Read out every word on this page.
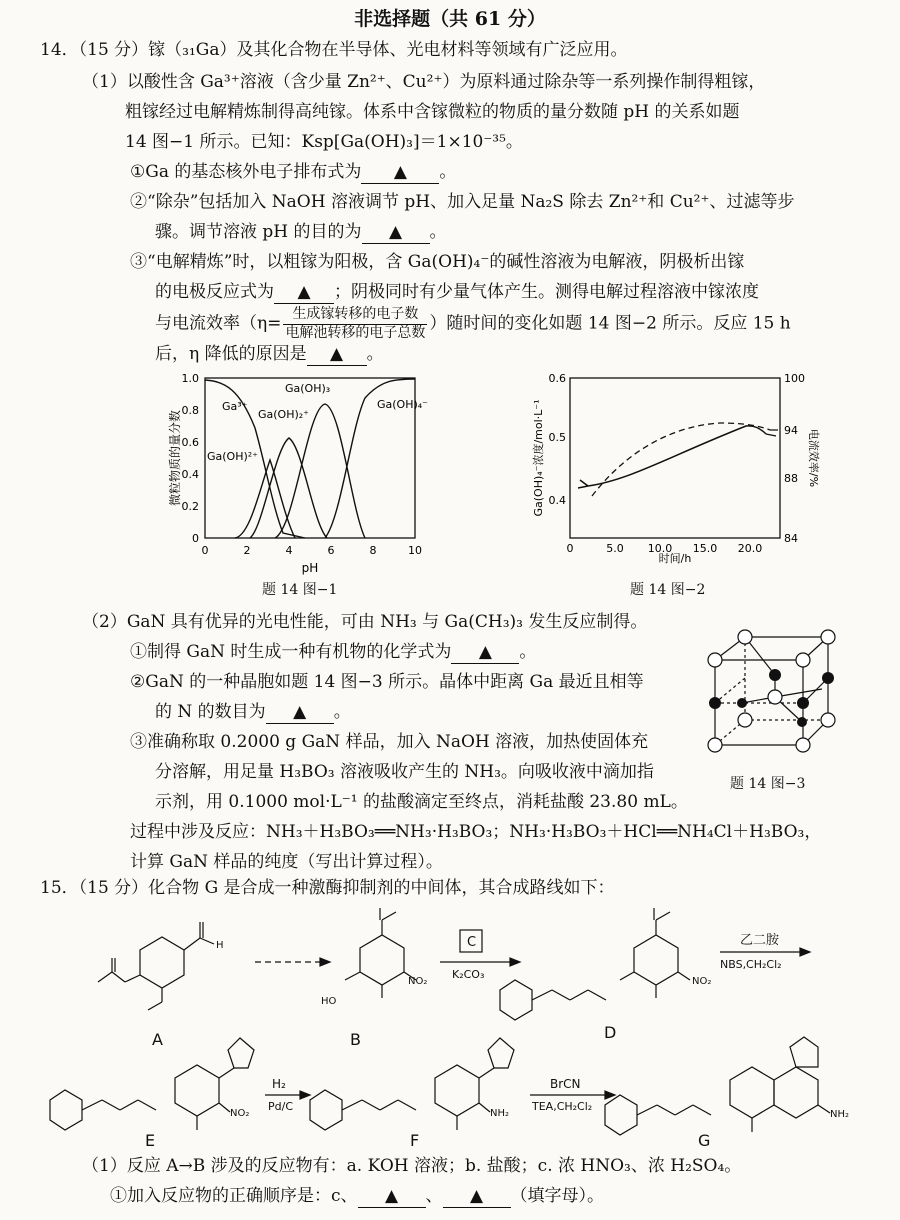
非选择题（共 61 分）
14．（15 分）镓（₃₁Ga）及其化合物在半导体、光电材料等领域有广泛应用。
（1）以酸性含 Ga³⁺溶液（含少量 Zn²⁺、Cu²⁺）为原料通过除杂等一系列操作制得粗镓，
粗镓经过电解精炼制得高纯镓。体系中含镓微粒的物质的量分数随 pH 的关系如题
14 图−1 所示。已知：Ksp[Ga(OH)₃]＝1×10⁻³⁵。
①Ga 的基态核外电子排布式为 ▲ 。
②“除杂”包括加入 NaOH 溶液调节 pH、加入足量 Na₂S 除去 Zn²⁺和 Cu²⁺、过滤等步
骤。调节溶液 pH 的目的为 ▲ 。
③“电解精炼”时，以粗镓为阳极，含 Ga(OH)₄⁻的碱性溶液为电解液，阴极析出镓
的电极反应式为 ▲ ；阴极同时有少量气体产生。测得电解过程溶液中镓浓度
与电流效率（$\eta= \frac{\text{生成镓转移的电子数}}{\text{电解池转移的电子总数}}$ ）随时间的变化如题 14 图−2 所示。反应 15 h
后，η 降低的原因是 ▲ 。
0	2	4	6	8	10
0
0.2
0.4
0.6
0.8
1.0
微粒物质的量分数
pH
Ga³⁺
Ga(OH)²⁺
Ga(OH)₂⁺
Ga(OH)₃
Ga(OH)₄⁻
题 14 图−1
0	5.0 10.0 15.0 20.0
0.4
0.5
0.6
84
88
94
100
Ga(OH)₄⁻浓度/mol·L⁻¹	电流效率/%
时间/h
题 14 图−2
（2）GaN 具有优异的光电性能，可由 NH₃ 与 Ga(CH₃)₃ 发生反应制得。
①制得 GaN 时生成一种有机物的化学式为 ▲ 。
②GaN 的一种晶胞如题 14 图−3 所示。晶体中距离 Ga 最近且相等
的 N 的数目为 ▲ 。
③准确称取 0.2000 g GaN 样品，加入 NaOH 溶液，加热使固体充
分溶解，用足量 H₃BO₃ 溶液吸收产生的 NH₃。向吸收液中滴加指
示剂，用 0.1000 mol·L⁻¹ 的盐酸滴定至终点，消耗盐酸 23.80 mL。
过程中涉及反应：NH₃＋H₃BO₃══NH₃·H₃BO₃；NH₃·H₃BO₃＋HCl══NH₄Cl＋H₃BO₃，
计算 GaN 样品的纯度（写出计算过程）。
题 14 图−3
15．（15 分）化合物 G 是合成一种激酶抑制剂的中间体，其合成路线如下：
H
HO
NO₂	NO₂
NO₂	NH₂	NH₂
C
K₂CO₃
乙二胺
NBS,CH₂Cl₂
H₂
Pd/C
BrCN
TEA,CH₂Cl₂
A	B	D
E	F	G
（1）反应 A→B 涉及的反应物有：a. KOH 溶液；b. 盐酸；c. 浓 HNO₃、浓 H₂SO₄。
①加入反应物的正确顺序是：c、 ▲ 、 ▲ （填字母）。
